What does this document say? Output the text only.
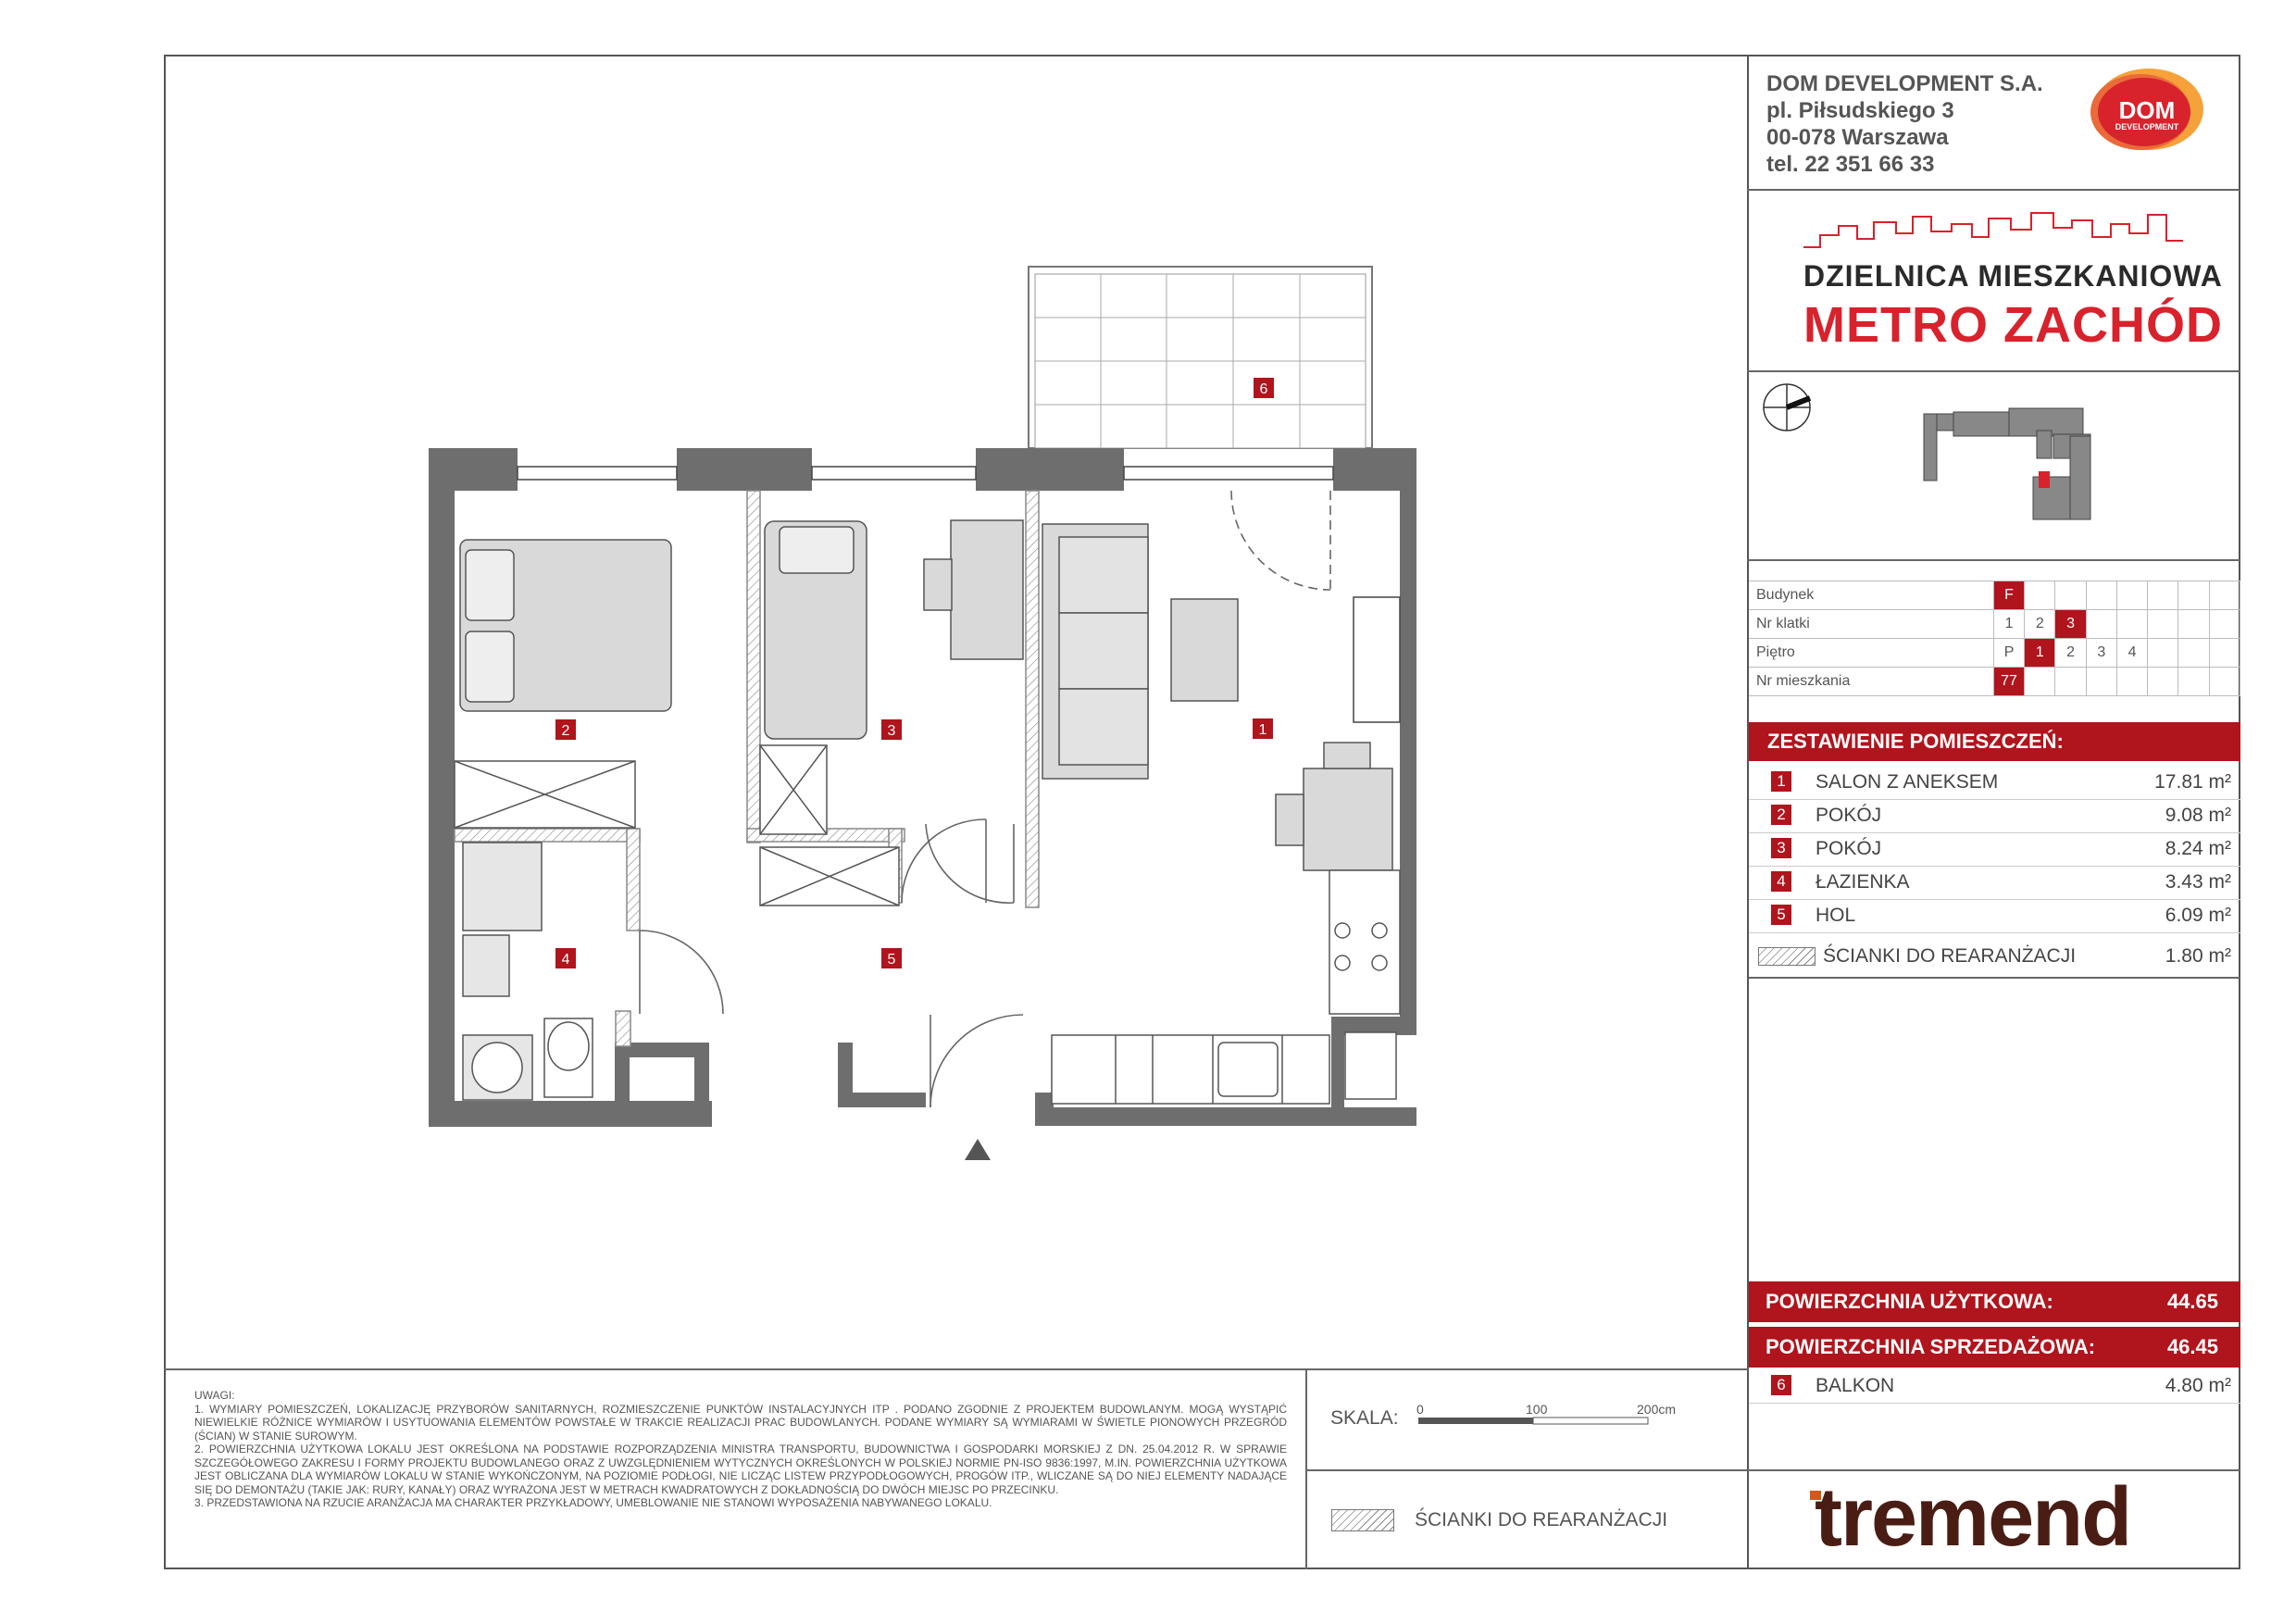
1
2	3
4	5
6
DOM DEVELOPMENT S.A.
pl. Piłsudskiego 3
00-078 Warszawa
tel. 22 351 66 33
DOM
DEVELOPMENT
DZIELNICA MIESZKANIOWA
METRO ZACHÓD
Budynek	F							
Nr klatki	1	2	3					
Piętro	P	1	2	3	4			
Nr mieszkania	77							
ZESTAWIENIE POMIESZCZEŃ:
1 SALON Z ANEKSEM	17.81 m²
2 POKÓJ	9.08 m²
3 POKÓJ	8.24 m²
4 ŁAZIENKA	3.43 m²
5 HOL	6.09 m²
ŚCIANKI DO REARANŻACJI	1.80 m²
POWIERZCHNIA UŻYTKOWA:	44.65
POWIERZCHNIA SPRZEDAŻOWA:	46.45
6 BALKON	4.80 m²
UWAGI:
1. WYMIARY POMIESZCZEŃ, LOKALIZACJĘ PRZYBORÓW SANITARNYCH, ROZMIESZCZENIE PUNKTÓW INSTALACYJNYCH ITP . PODANO ZGODNIE Z PROJEKTEM BUDOWLANYM. MOGĄ WYSTĄPIĆ NIEWIELKIE RÓŻNICE WYMIARÓW I USYTUOWANIA ELEMENTÓW POWSTAŁE W TRAKCIE REALIZACJI PRAC BUDOWLANYCH. PODANE WYMIARY SĄ WYMIARAMI W ŚWIETLE PIONOWYCH PRZEGRÓD (ŚCIAN) W STANIE SUROWYM.
2. POWIERZCHNIA UŻYTKOWA LOKALU JEST OKREŚLONA NA PODSTAWIE ROZPORZĄDZENIA MINISTRA TRANSPORTU, BUDOWNICTWA I GOSPODARKI MORSKIEJ Z DN. 25.04.2012 R. W SPRAWIE SZCZEGÓŁOWEGO ZAKRESU I FORMY PROJEKTU BUDOWLANEGO ORAZ Z UWZGLĘDNIENIEM WYTYCZNYCH OKREŚLONYCH W POLSKIEJ NORMIE PN-ISO 9836:1997, M.IN. POWIERZCHNIA UŻYTKOWA JEST OBLICZANA DLA WYMIARÓW LOKALU W STANIE WYKOŃCZONYM, NA POZIOMIE PODŁOGI, NIE LICZĄC LISTEW PRZYPODŁOGOWYCH, PROGÓW ITP., WLICZANE SĄ DO NIEJ ELEMENTY NADAJĄCE SIĘ DO DEMONTAŻU (TAKIE JAK: RURY, KANAŁY) ORAZ WYRAŻONA JEST W METRACH KWADRATOWYCH Z DOKŁADNOŚCIĄ DO DWÓCH MIEJSC PO PRZECINKU.
3. PRZEDSTAWIONA NA RZUCIE ARANŻACJA MA CHARAKTER PRZYKŁADOWY, UMEBLOWANIE NIE STANOWI WYPOSAŻENIA NABYWANEGO LOKALU.
SKALA: 0	100	200cm
ŚCIANKI DO REARANŻACJI tremend
